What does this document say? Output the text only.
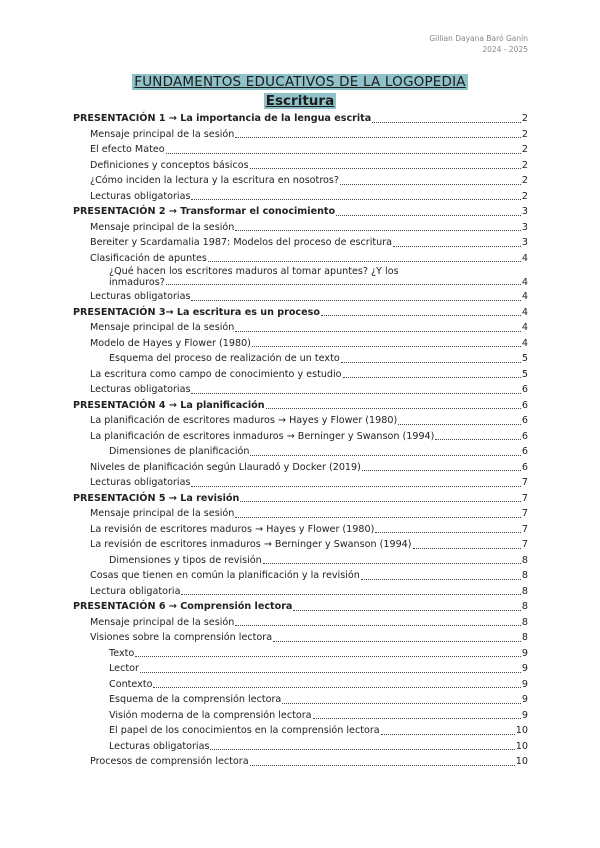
Gillian Dayana Baró Ganín
2024 - 2025
FUNDAMENTOS EDUCATIVOS DE LA LOGOPEDIA
Escritura
PRESENTACIÓN 1 → La importancia de la lengua escrita	2
Mensaje principal de la sesión	2
El efecto Mateo	2
Definiciones y conceptos básicos	2
¿Cómo inciden la lectura y la escritura en nosotros?	2
Lecturas obligatorias	2
PRESENTACIÓN 2 → Transformar el conocimiento	3
Mensaje principal de la sesión	3
Bereiter y Scardamalia 1987: Modelos del proceso de escritura	3
Clasificación de apuntes	4
¿Qué hacen los escritores maduros al tomar apuntes? ¿Y los
inmaduros?	4
Lecturas obligatorias	4
PRESENTACIÓN 3→ La escritura es un proceso	4
Mensaje principal de la sesión	4
Modelo de Hayes y Flower (1980)	4
Esquema del proceso de realización de un texto	5
La escritura como campo de conocimiento y estudio	5
Lecturas obligatorias	6
PRESENTACIÓN 4 → La planificación	6
La planificación de escritores maduros → Hayes y Flower (1980)	6
La planificación de escritores inmaduros → Berninger y Swanson (1994)	6
Dimensiones de planificación	6
Niveles de planificación según Llauradó y Docker (2019)	6
Lecturas obligatorias	7
PRESENTACIÓN 5 → La revisión	7
Mensaje principal de la sesión	7
La revisión de escritores maduros → Hayes y Flower (1980)	7
La revisión de escritores inmaduros → Berninger y Swanson (1994)	7
Dimensiones y tipos de revisión	8
Cosas que tienen en común la planificación y la revisión	8
Lectura obligatoria	8
PRESENTACIÓN 6 → Comprensión lectora	8
Mensaje principal de la sesión	8
Visiones sobre la comprensión lectora	8
Texto	9
Lector	9
Contexto	9
Esquema de la comprensión lectora	9
Visión moderna de la comprensión lectora	9
El papel de los conocimientos en la comprensión lectora	10
Lecturas obligatorias	10
Procesos de comprensión lectora	10
